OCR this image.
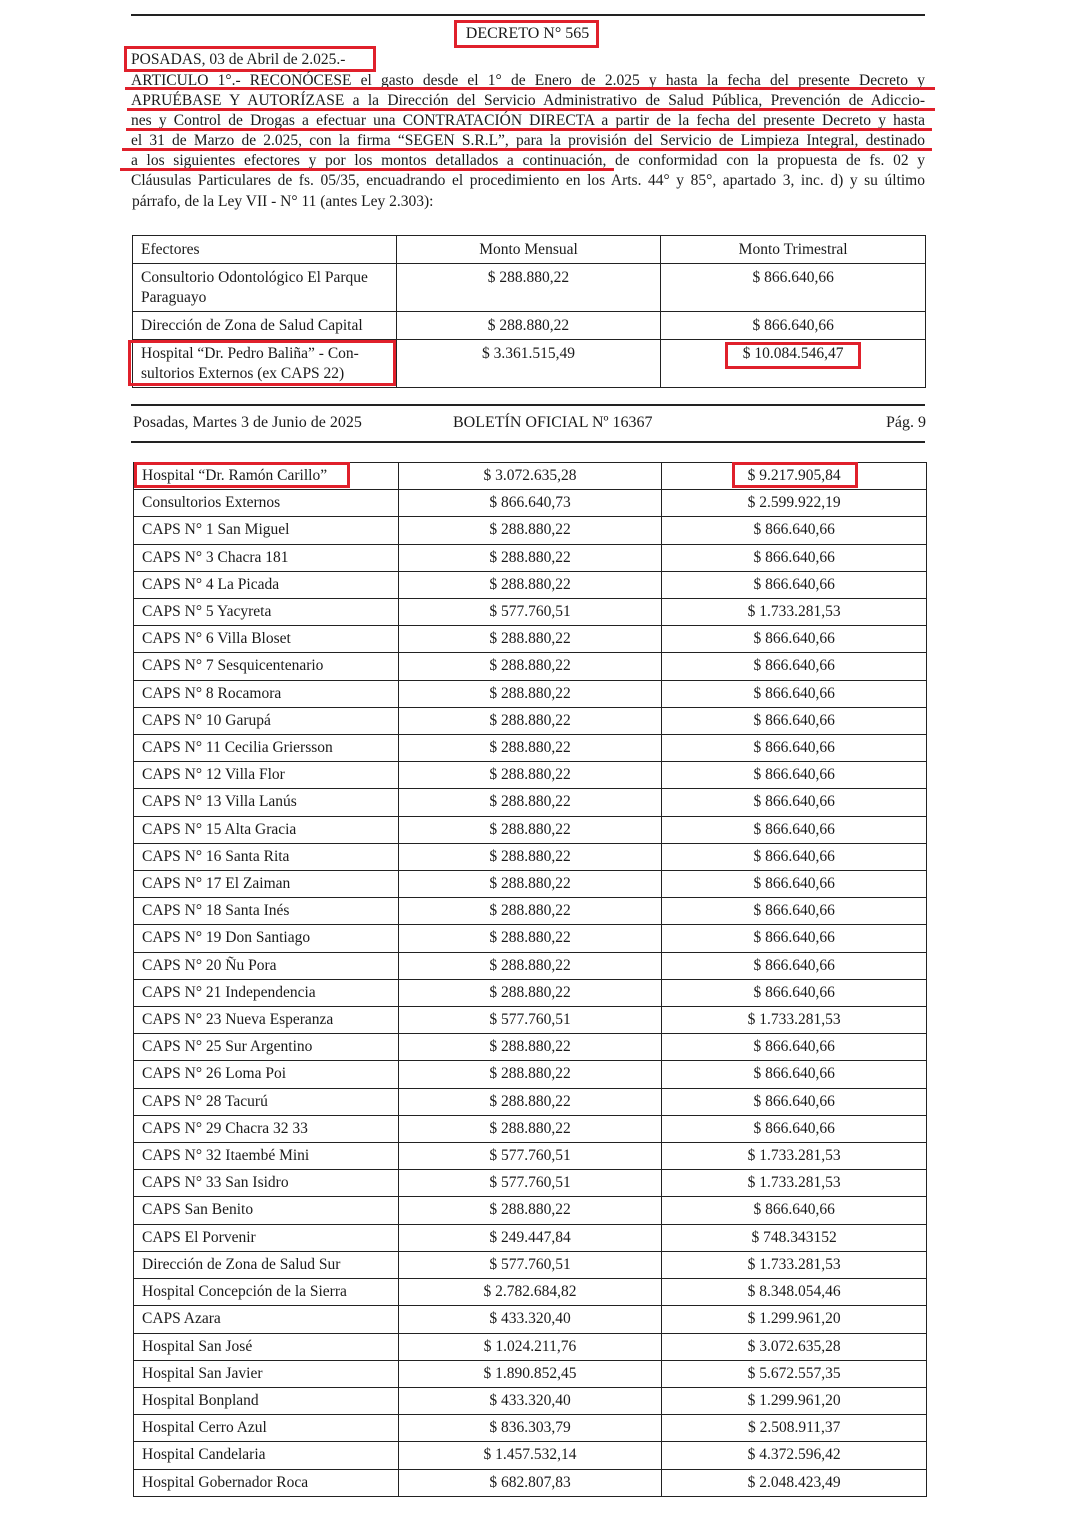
DECRETO N° 565
POSADAS, 03 de Abril de 2.025.-
ARTICULO 1°.- RECONÓCESE el gasto desde el 1° de Enero de 2.025 y hasta la fecha del presente Decreto y
APRUÉBASE Y AUTORÍZASE a la Dirección del Servicio Administrativo de Salud Pública, Prevención de Adiccio-
nes y Control de Drogas a efectuar una CONTRATACIÓN DIRECTA a partir de la fecha del presente Decreto y hasta
el 31 de Marzo de 2.025, con la firma “SEGEN S.R.L”, para la provisión del Servicio de Limpieza Integral, destinado
a los siguientes efectores y por los montos detallados a continuación, de conformidad con la propuesta de fs. 02 y
Cláusulas Particulares de fs. 05/35, encuadrando el procedimiento en los Arts. 44° y 85°, apartado 3, inc. d) y su último
párrafo, de la Ley VII - N° 11 (antes Ley 2.303):
Efectores	Monto Mensual	Monto Trimestral
Consultorio Odontológico El Parque Paraguayo	$ 288.880,22	$ 866.640,66
Dirección de Zona de Salud Capital	$ 288.880,22	$ 866.640,66
Hospital “Dr. Pedro Baliña” - Con-
sultorios Externos (ex CAPS 22)	$ 3.361.515,49	$ 10.084.546,47
Posadas, Martes 3 de Junio de 2025	BOLETÍN OFICIAL Nº 16367	Pág. 9
Hospital “Dr. Ramón Carillo”	$ 3.072.635,28	$ 9.217.905,84
Consultorios Externos	$ 866.640,73	$ 2.599.922,19
CAPS N° 1 San Miguel	$ 288.880,22	$ 866.640,66
CAPS N° 3 Chacra 181	$ 288.880,22	$ 866.640,66
CAPS N° 4 La Picada	$ 288.880,22	$ 866.640,66
CAPS N° 5 Yacyreta	$ 577.760,51	$ 1.733.281,53
CAPS N° 6 Villa Bloset	$ 288.880,22	$ 866.640,66
CAPS N° 7 Sesquicentenario	$ 288.880,22	$ 866.640,66
CAPS N° 8 Rocamora	$ 288.880,22	$ 866.640,66
CAPS N° 10 Garupá	$ 288.880,22	$ 866.640,66
CAPS N° 11 Cecilia Griersson	$ 288.880,22	$ 866.640,66
CAPS N° 12 Villa Flor	$ 288.880,22	$ 866.640,66
CAPS N° 13 Villa Lanús	$ 288.880,22	$ 866.640,66
CAPS N° 15 Alta Gracia	$ 288.880,22	$ 866.640,66
CAPS N° 16 Santa Rita	$ 288.880,22	$ 866.640,66
CAPS N° 17 El Zaiman	$ 288.880,22	$ 866.640,66
CAPS N° 18 Santa Inés	$ 288.880,22	$ 866.640,66
CAPS N° 19 Don Santiago	$ 288.880,22	$ 866.640,66
CAPS N° 20 Ñu Pora	$ 288.880,22	$ 866.640,66
CAPS N° 21 Independencia	$ 288.880,22	$ 866.640,66
CAPS N° 23 Nueva Esperanza	$ 577.760,51	$ 1.733.281,53
CAPS N° 25 Sur Argentino	$ 288.880,22	$ 866.640,66
CAPS N° 26 Loma Poi	$ 288.880,22	$ 866.640,66
CAPS N° 28 Tacurú	$ 288.880,22	$ 866.640,66
CAPS N° 29 Chacra 32 33	$ 288.880,22	$ 866.640,66
CAPS N° 32 Itaembé Mini	$ 577.760,51	$ 1.733.281,53
CAPS N° 33 San Isidro	$ 577.760,51	$ 1.733.281,53
CAPS San Benito	$ 288.880,22	$ 866.640,66
CAPS El Porvenir	$ 249.447,84	$ 748.343152
Dirección de Zona de Salud Sur	$ 577.760,51	$ 1.733.281,53
Hospital Concepción de la Sierra	$ 2.782.684,82	$ 8.348.054,46
CAPS Azara	$ 433.320,40	$ 1.299.961,20
Hospital San José	$ 1.024.211,76	$ 3.072.635,28
Hospital San Javier	$ 1.890.852,45	$ 5.672.557,35
Hospital Bonpland	$ 433.320,40	$ 1.299.961,20
Hospital Cerro Azul	$ 836.303,79	$ 2.508.911,37
Hospital Candelaria	$ 1.457.532,14	$ 4.372.596,42
Hospital Gobernador Roca	$ 682.807,83	$ 2.048.423,49
